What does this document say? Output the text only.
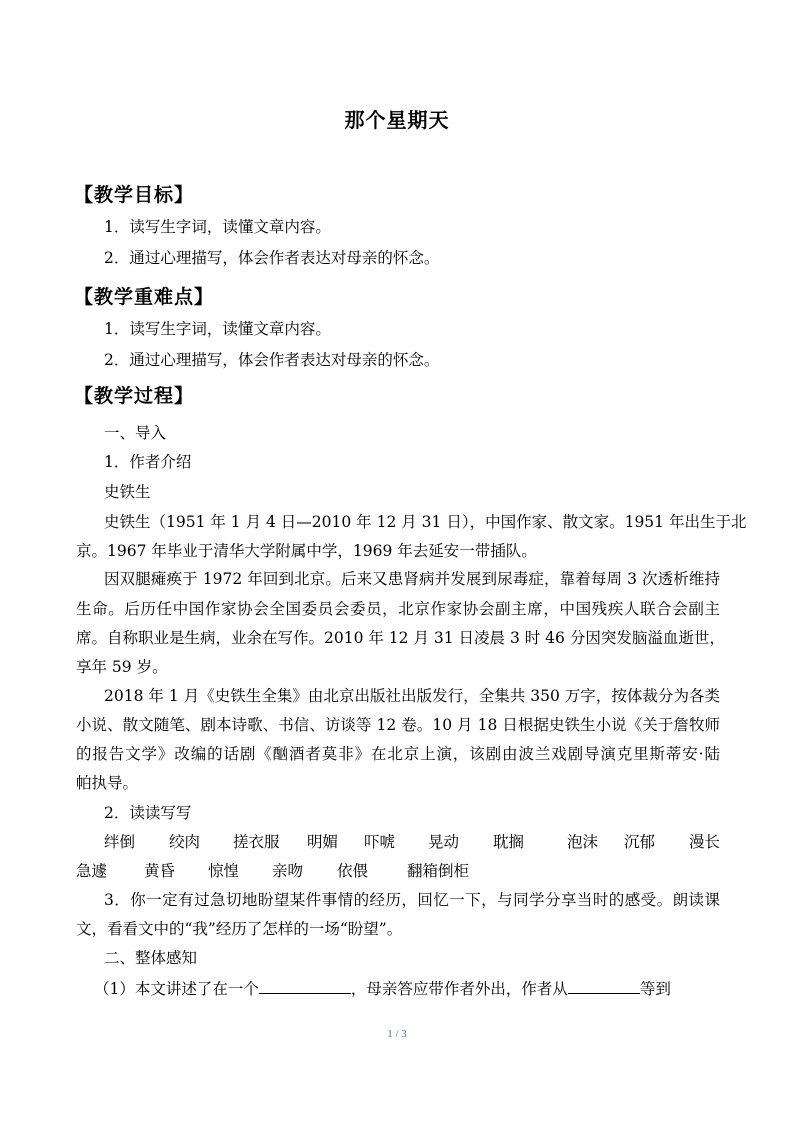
那个星期天
【教学目标】
1．读写生字词，读懂文章内容。
2．通过心理描写，体会作者表达对母亲的怀念。
【教学重难点】
1．读写生字词，读懂文章内容。
2．通过心理描写，体会作者表达对母亲的怀念。
【教学过程】
一、导入
1．作者介绍
史铁生
史铁生（1951 年 1 月 4 日—2010 年 12 月 31 日），中国作家、散文家。1951 年出生于北
京。1967 年毕业于清华大学附属中学，1969 年去延安一带插队。
因双腿瘫痪于 1972 年回到北京。后来又患肾病并发展到尿毒症，靠着每周 3 次透析维持
生命。后历任中国作家协会全国委员会委员，北京作家协会副主席，中国残疾人联合会副主
席。自称职业是生病，业余在写作。2010 年 12 月 31 日凌晨 3 时 46 分因突发脑溢血逝世，
享年 59 岁。
2018 年 1 月《史铁生全集》由北京出版社出版发行，全集共 350 万字，按体裁分为各类
小说、散文随笔、剧本诗歌、书信、访谈等 12 卷。10 月 18 日根据史铁生小说《关于詹牧师
的报告文学》改编的话剧《酗酒者莫非》在北京上演，该剧由波兰戏剧导演克里斯蒂安·陆
帕执导。
2．读读写写
绊倒 绞肉 搓衣服 明媚 吓唬 晃动 耽搁	泡沫 沉郁 漫长
急遽 黄昏 惊惶 亲吻 依偎	翻箱倒柜
3．你一定有过急切地盼望某件事情的经历，回忆一下，与同学分享当时的感受。朗读课
文，看看文中的“我”经历了怎样的一场“盼望”。
二、整体感知
（1）本文讲述了在一个	，母亲答应带作者外出，作者从	等到
1 / 3
